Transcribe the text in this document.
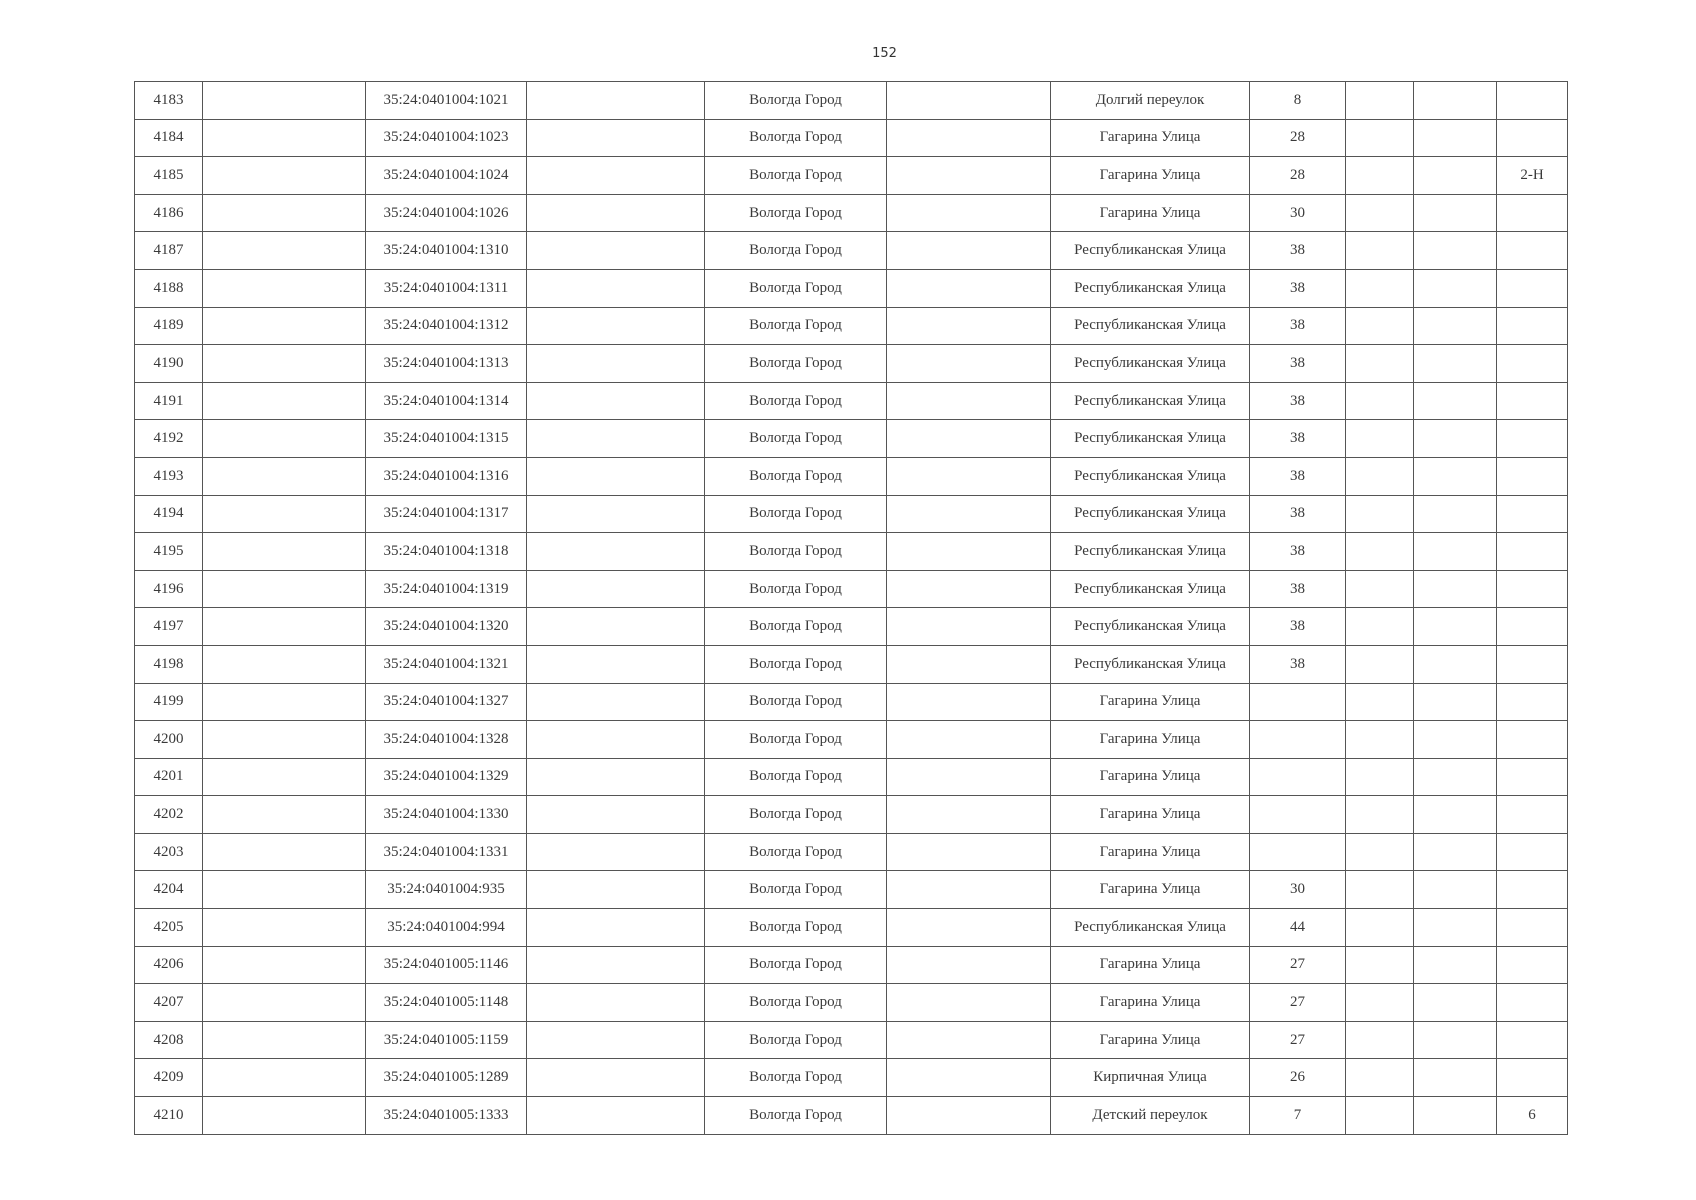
152
4183		35:24:0401004:1021		Вологда Город		Долгий переулок	8			
4184		35:24:0401004:1023		Вологда Город		Гагарина Улица	28			
4185		35:24:0401004:1024		Вологда Город		Гагарина Улица	28			2-Н
4186		35:24:0401004:1026		Вологда Город		Гагарина Улица	30			
4187		35:24:0401004:1310		Вологда Город		Республиканская Улица	38			
4188		35:24:0401004:1311		Вологда Город		Республиканская Улица	38			
4189		35:24:0401004:1312		Вологда Город		Республиканская Улица	38			
4190		35:24:0401004:1313		Вологда Город		Республиканская Улица	38			
4191		35:24:0401004:1314		Вологда Город		Республиканская Улица	38			
4192		35:24:0401004:1315		Вологда Город		Республиканская Улица	38			
4193		35:24:0401004:1316		Вологда Город		Республиканская Улица	38			
4194		35:24:0401004:1317		Вологда Город		Республиканская Улица	38			
4195		35:24:0401004:1318		Вологда Город		Республиканская Улица	38			
4196		35:24:0401004:1319		Вологда Город		Республиканская Улица	38			
4197		35:24:0401004:1320		Вологда Город		Республиканская Улица	38			
4198		35:24:0401004:1321		Вологда Город		Республиканская Улица	38			
4199		35:24:0401004:1327		Вологда Город		Гагарина Улица				
4200		35:24:0401004:1328		Вологда Город		Гагарина Улица				
4201		35:24:0401004:1329		Вологда Город		Гагарина Улица				
4202		35:24:0401004:1330		Вологда Город		Гагарина Улица				
4203		35:24:0401004:1331		Вологда Город		Гагарина Улица				
4204		35:24:0401004:935		Вологда Город		Гагарина Улица	30			
4205		35:24:0401004:994		Вологда Город		Республиканская Улица	44			
4206		35:24:0401005:1146		Вологда Город		Гагарина Улица	27			
4207		35:24:0401005:1148		Вологда Город		Гагарина Улица	27			
4208		35:24:0401005:1159		Вологда Город		Гагарина Улица	27			
4209		35:24:0401005:1289		Вологда Город		Кирпичная Улица	26			
4210		35:24:0401005:1333		Вологда Город		Детский переулок	7			6
